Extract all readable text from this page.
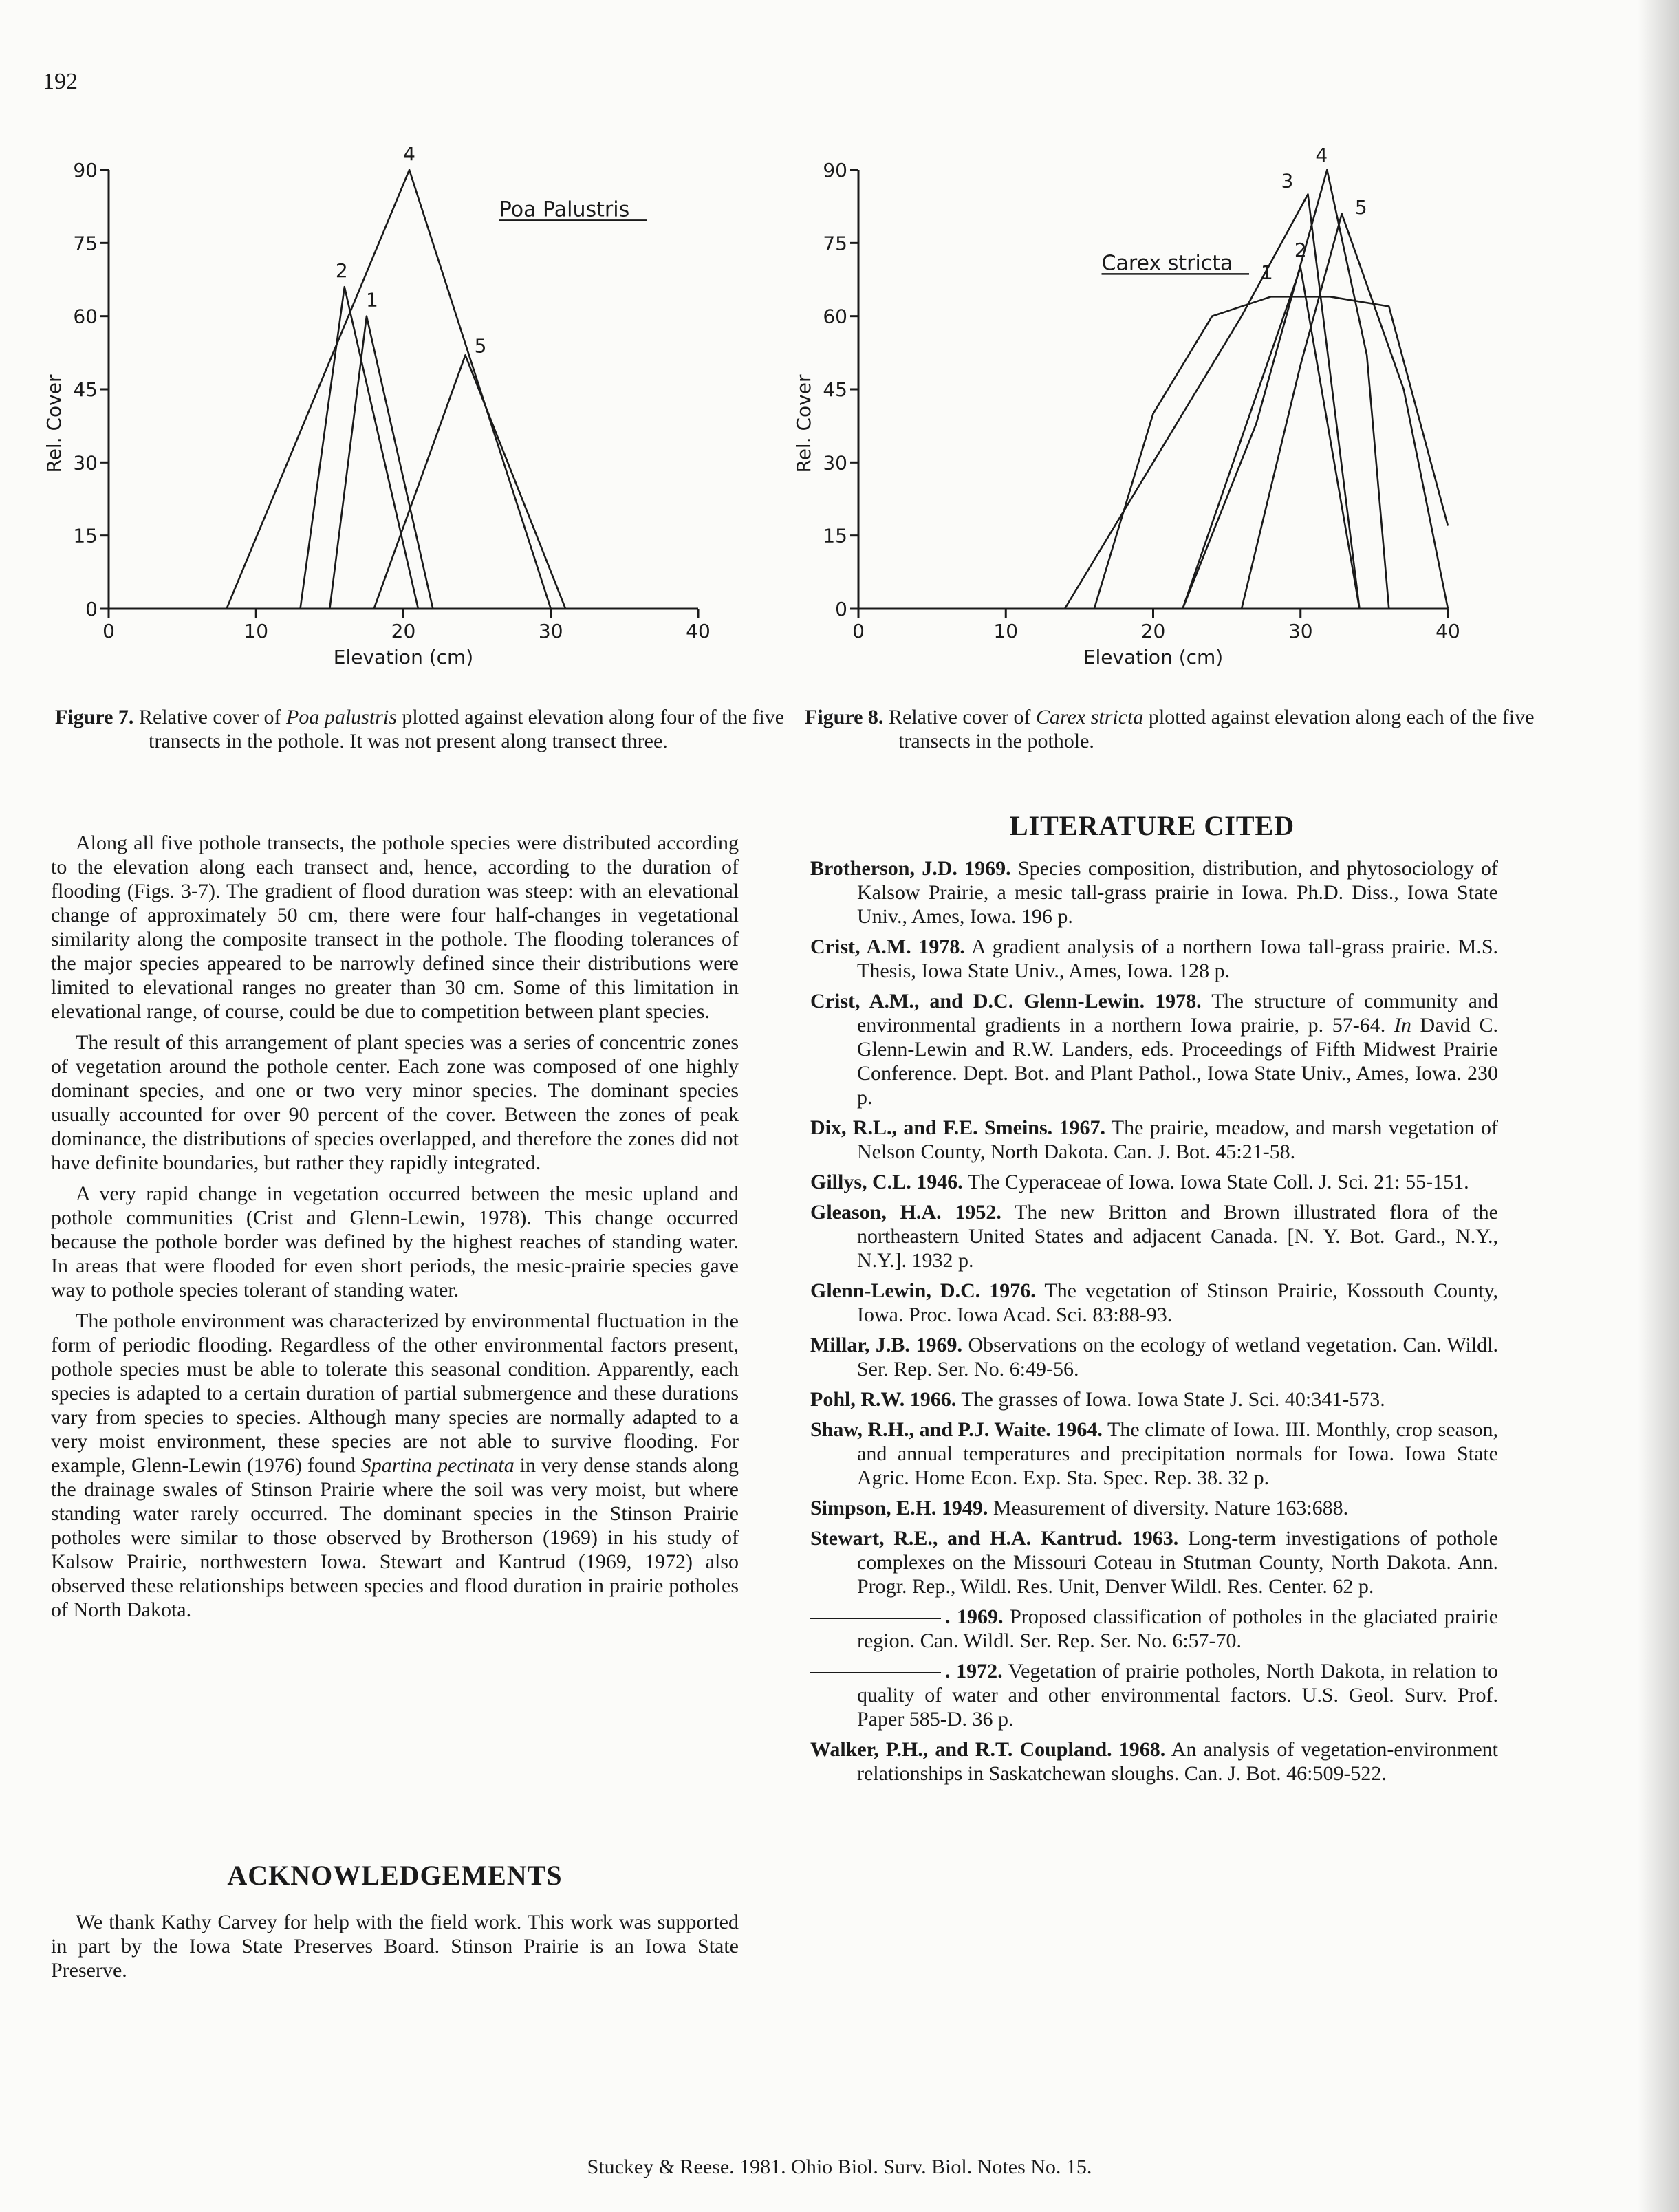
192
0
15
30
45
60
75
90
0	10	20	30	40
Elevation (cm)
Rel. Cover
Poa Palustris
4
2
1
5
0
15
30
45
60
75
90
0	10	20	30	40
Elevation (cm)
Rel. Cover
Carex stricta 1
2
3
4
5
Figure 7. Relative cover of Poa palustris plotted against elevation along four of the five transects in the pothole. It was not present along transect three.
Figure 8. Relative cover of Carex stricta plotted against elevation along each of the five transects in the pothole.

Along all five pothole transects, the pothole species were distributed according to the elevation along each transect and, hence, according to the duration of flooding (Figs. 3-7). The gradient of flood duration was steep: with an elevational change of approximately 50 cm, there were four half-changes in vegetational similarity along the composite transect in the pothole. The flooding tolerances of the major species appeared to be narrowly defined since their distributions were limited to elevational ranges no greater than 30 cm. Some of this limitation in elevational range, of course, could be due to competition between plant species.

The result of this arrangement of plant species was a series of concentric zones of vegetation around the pothole center. Each zone was composed of one highly dominant species, and one or two very minor species. The dominant species usually accounted for over 90 percent of the cover. Between the zones of peak dominance, the distributions of species overlapped, and therefore the zones did not have definite boundaries, but rather they rapidly integrated.

A very rapid change in vegetation occurred between the mesic upland and pothole communities (Crist and Glenn-Lewin, 1978). This change occurred because the pothole border was defined by the highest reaches of standing water. In areas that were flooded for even short periods, the mesic-prairie species gave way to pothole species tolerant of standing water.

The pothole environment was characterized by environmental fluctuation in the form of periodic flooding. Regardless of the other environmental factors present, pothole species must be able to tolerate this seasonal condition. Apparently, each species is adapted to a certain duration of partial submergence and these durations vary from species to species. Although many species are normally adapted to a very moist environment, these species are not able to survive flooding. For example, Glenn-Lewin (1976) found Spartina pectinata in very dense stands along the drainage swales of Stinson Prairie where the soil was very moist, but where standing water rarely occurred. The dominant species in the Stinson Prairie potholes were similar to those observed by Brotherson (1969) in his study of Kalsow Prairie, northwestern Iowa. Stewart and Kantrud (1969, 1972) also observed these relationships between species and flood duration in prairie potholes of North Dakota.

ACKNOWLEDGEMENTS

We thank Kathy Carvey for help with the field work. This work was supported in part by the Iowa State Preserves Board. Stinson Prairie is an Iowa State Preserve.

LITERATURE CITED
Brotherson, J.D. 1969. Species composition, distribution, and phytosociology of Kalsow Prairie, a mesic tall-grass prairie in Iowa. Ph.D. Diss., Iowa State Univ., Ames, Iowa. 196 p.
Crist, A.M. 1978. A gradient analysis of a northern Iowa tall-grass prairie. M.S. Thesis, Iowa State Univ., Ames, Iowa. 128 p.
Crist, A.M., and D.C. Glenn-Lewin. 1978. The structure of community and environmental gradients in a northern Iowa prairie, p. 57-64. In David C. Glenn-Lewin and R.W. Landers, eds. Proceedings of Fifth Midwest Prairie Conference. Dept. Bot. and Plant Pathol., Iowa State Univ., Ames, Iowa. 230 p.
Dix, R.L., and F.E. Smeins. 1967. The prairie, meadow, and marsh vegetation of Nelson County, North Dakota. Can. J. Bot. 45:21-58.
Gillys, C.L. 1946. The Cyperaceae of Iowa. Iowa State Coll. J. Sci. 21: 55-151.
Gleason, H.A. 1952. The new Britton and Brown illustrated flora of the northeastern United States and adjacent Canada. [N. Y. Bot. Gard., N.Y., N.Y.]. 1932 p.
Glenn-Lewin, D.C. 1976. The vegetation of Stinson Prairie, Kossouth County, Iowa. Proc. Iowa Acad. Sci. 83:88-93.
Millar, J.B. 1969. Observations on the ecology of wetland vegetation. Can. Wildl. Ser. Rep. Ser. No. 6:49-56.
Pohl, R.W. 1966. The grasses of Iowa. Iowa State J. Sci. 40:341-573.
Shaw, R.H., and P.J. Waite. 1964. The climate of Iowa. III. Monthly, crop season, and annual temperatures and precipitation normals for Iowa. Iowa State Agric. Home Econ. Exp. Sta. Spec. Rep. 38. 32 p.
Simpson, E.H. 1949. Measurement of diversity. Nature 163:688.
Stewart, R.E., and H.A. Kantrud. 1963. Long-term investigations of pothole complexes on the Missouri Coteau in Stutman County, North Dakota. Ann. Progr. Rep., Wildl. Res. Unit, Denver Wildl. Res. Center. 62 p.
. 1969. Proposed classification of potholes in the glaciated prairie region. Can. Wildl. Ser. Rep. Ser. No. 6:57-70.
. 1972. Vegetation of prairie potholes, North Dakota, in relation to quality of water and other environmental factors. U.S. Geol. Surv. Prof. Paper 585-D. 36 p.
Walker, P.H., and R.T. Coupland. 1968. An analysis of vegetation-environment relationships in Saskatchewan sloughs. Can. J. Bot. 46:509-522.
Stuckey & Reese. 1981. Ohio Biol. Surv. Biol. Notes No. 15.
